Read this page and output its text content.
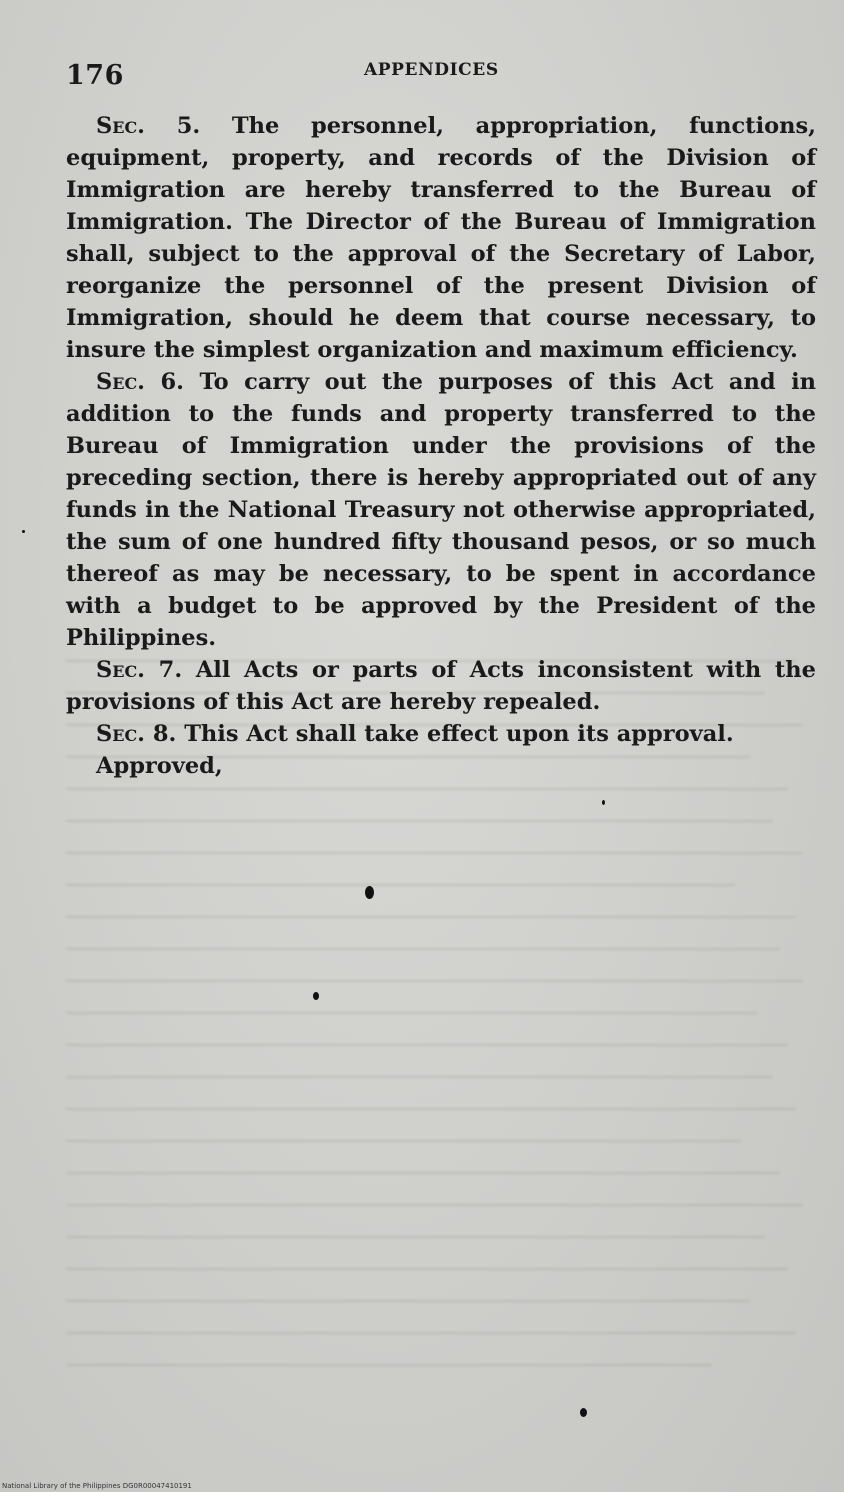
176	APPENDICES

Sec. 5. The personnel, appropriation, functions, equipment, property, and records of the Division of Immigration are hereby transferred to the Bureau of Immigration. The Director of the Bureau of Immigration shall, subject to the approval of the Secretary of Labor, reorganize the personnel of the present Division of Immigration, should he deem that course necessary, to insure the simplest organization and maximum efficiency.

Sec. 6. To carry out the purposes of this Act and in addition to the funds and property transferred to the Bureau of Immigration under the provisions of the preceding section, there is hereby appropriated out of any funds in the National Treasury not otherwise appropriated, the sum of one hundred fifty thousand pesos, or so much thereof as may be necessary, to be spent in accordance with a budget to be approved by the President of the Philippines.

Sec. 7. All Acts or parts of Acts inconsistent with the provisions of this Act are hereby repealed.

Sec. 8. This Act shall take effect upon its approval.

Approved,

National Library of the Philippines DG0R00047410191
